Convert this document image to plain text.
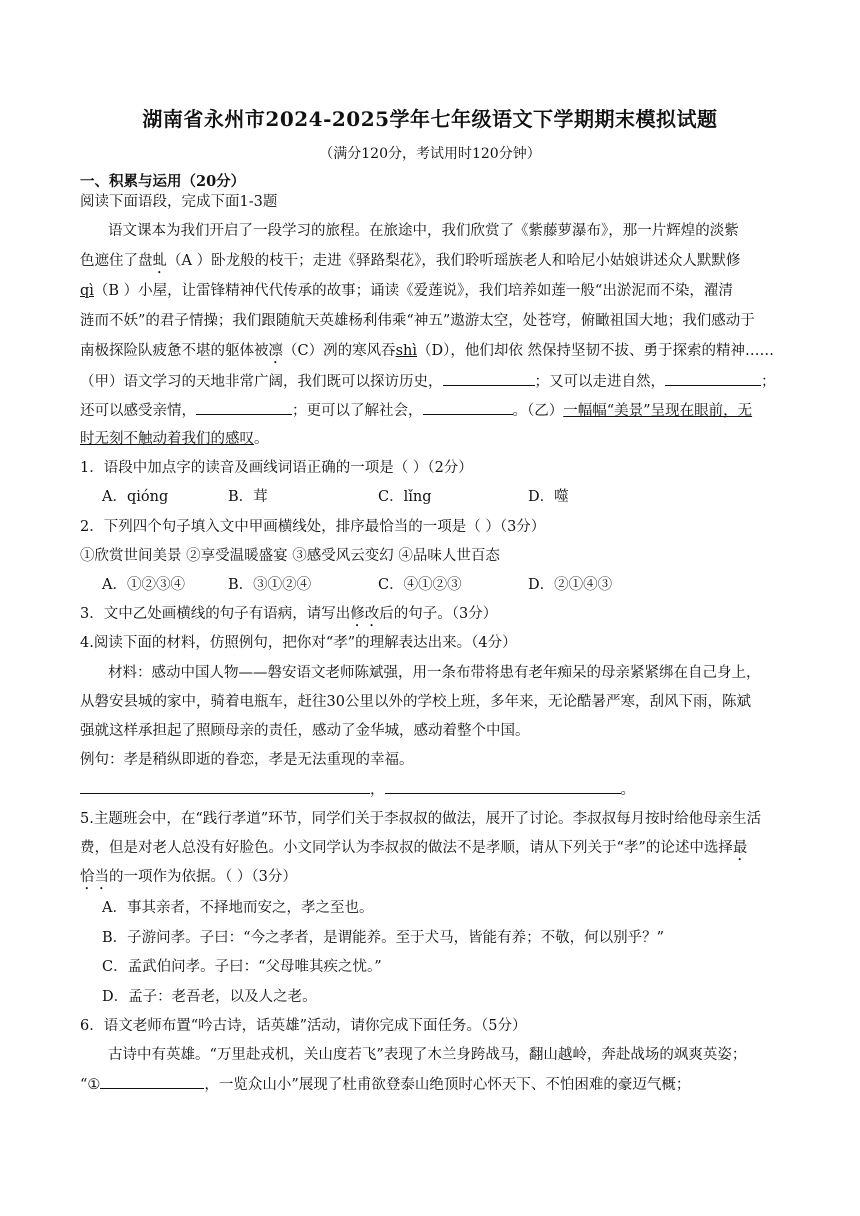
湖南省永州市2024-2025学年七年级语文下学期期末模拟试题
（满分120分，考试用时120分钟）
一、积累与运用（20分）
阅读下面语段，完成下面1-3题
语文课本为我们开启了一段学习的旅程。在旅途中，我们欣赏了《紫藤萝瀑布》，那一片辉煌的淡紫
色遮住了盘虬（A ）卧龙般的枝干；走进《驿路梨花》，我们聆听瑶族老人和哈尼小姑娘讲述众人默默修
qì（B ）小屋，让雷锋精神代代传承的故事；诵读《爱莲说》，我们培养如莲一般“出淤泥而不染，濯清
涟而不妖”的君子情操；我们跟随航天英雄杨利伟乘“神五”遨游太空，处苍穹，俯瞰祖国大地；我们感动于
南极探险队疲惫不堪的躯体被凛（C）冽的寒风吞shì（D），他们却依 然保持坚韧不拔、勇于探索的精神……
（甲）语文学习的天地非常广阔，我们既可以探访历史，	；又可以走进自然，	；
还可以感受亲情，	；更可以了解社会，	。（乙）一幅幅“美景”呈现在眼前，无
时无刻不触动着我们的感叹。
1．语段中加点字的读音及画线词语正确的一项是（ ）（2分）
A．qióng	B．茸	C．lǐng	D．噬
2．下列四个句子填入文中甲画横线处，排序最恰当的一项是（ ）（3分）
①欣赏世间美景 ②享受温暖盛宴 ③感受风云变幻 ④品味人世百态
A．①②③④	B．③①②④	C．④①②③	D．②①④③
3．文中乙处画横线的句子有语病，请写出修改后的句子。（3分）
4.阅读下面的材料，仿照例句，把你对“孝”的理解表达出来。（4分）
材料：感动中国人物——磐安语文老师陈斌强，用一条布带将患有老年痴呆的母亲紧紧绑在自己身上，
从磐安县城的家中，骑着电瓶车，赶往30公里以外的学校上班，多年来，无论酷暑严寒，刮风下雨，陈斌
强就这样承担起了照顾母亲的责任，感动了金华城，感动着整个中国。
例句：孝是稍纵即逝的眷恋，孝是无法重现的幸福。
，	。
5.主题班会中，在“践行孝道”环节，同学们关于李叔叔的做法，展开了讨论。李叔叔每月按时给他母亲生活
费，但是对老人总没有好脸色。小文同学认为李叔叔的做法不是孝顺，请从下列关于“孝”的论述中选择最
恰当的一项作为依据。（ ）（3分）
A．事其亲者，不择地而安之，孝之至也。
B．子游问孝。子曰：“今之孝者，是谓能养。至于犬马，皆能有养；不敬，何以别乎？”
C．孟武伯问孝。子曰：“父母唯其疾之忧。”
D．孟子：老吾老，以及人之老。
6．语文老师布置“吟古诗，话英雄”活动，请你完成下面任务。（5分）
古诗中有英雄。“万里赴戎机，关山度若飞”表现了木兰身跨战马，翻山越岭，奔赴战场的飒爽英姿；
“①	，一览众山小”展现了杜甫欲登泰山绝顶时心怀天下、不怕困难的豪迈气概；
